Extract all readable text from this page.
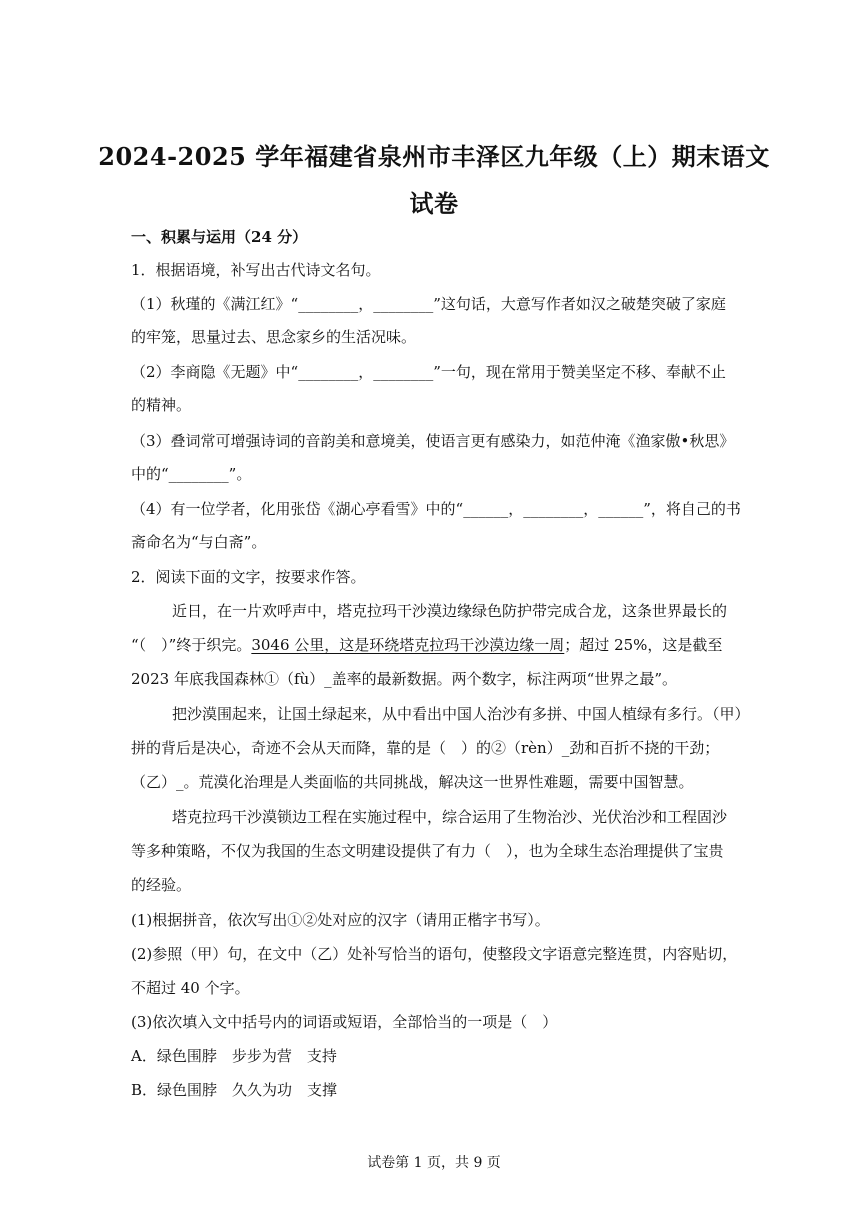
2024-2025 学年福建省泉州市丰泽区九年级（上）期末语文
试卷
一、积累与运用（24 分）
1．根据语境，补写出古代诗文名句。
（1）秋瑾的《满江红》“________，________”这句话，大意写作者如汉之破楚突破了家庭
的牢笼，思量过去、思念家乡的生活况味。
（2）李商隐《无题》中“________，________”一句，现在常用于赞美坚定不移、奉献不止
的精神。
（3）叠词常可增强诗词的音韵美和意境美，使语言更有感染力，如范仲淹《渔家傲•秋思》
中的“________”。
（4）有一位学者，化用张岱《湖心亭看雪》中的“______，________，______”，将自己的书
斋命名为“与白斋”。
2．阅读下面的文字，按要求作答。
近日，在一片欢呼声中，塔克拉玛干沙漠边缘绿色防护带完成合龙，这条世界最长的
“（　）”终于织完。3046 公里，这是环绕塔克拉玛干沙漠边缘一周；超过 25%，这是截至
2023 年底我国森林①（fù）_盖率的最新数据。两个数字，标注两项“世界之最”。
把沙漠围起来，让国土绿起来，从中看出中国人治沙有多拼、中国人植绿有多行。（甲）
拼的背后是决心，奇迹不会从天而降，靠的是（　）的②（rèn）_劲和百折不挠的干劲；
（乙）_。荒漠化治理是人类面临的共同挑战，解决这一世界性难题，需要中国智慧。
塔克拉玛干沙漠锁边工程在实施过程中，综合运用了生物治沙、光伏治沙和工程固沙
等多种策略，不仅为我国的生态文明建设提供了有力（　），也为全球生态治理提供了宝贵
的经验。
(1)根据拼音，依次写出①②处对应的汉字（请用正楷字书写）。
(2)参照（甲）句，在文中（乙）处补写恰当的语句，使整段文字语意完整连贯，内容贴切，
不超过 40 个字。
(3)依次填入文中括号内的词语或短语，全部恰当的一项是（　）
A．绿色围脖　步步为营　支持
B．绿色围脖　久久为功　支撑
试卷第 1 页，共 9 页
